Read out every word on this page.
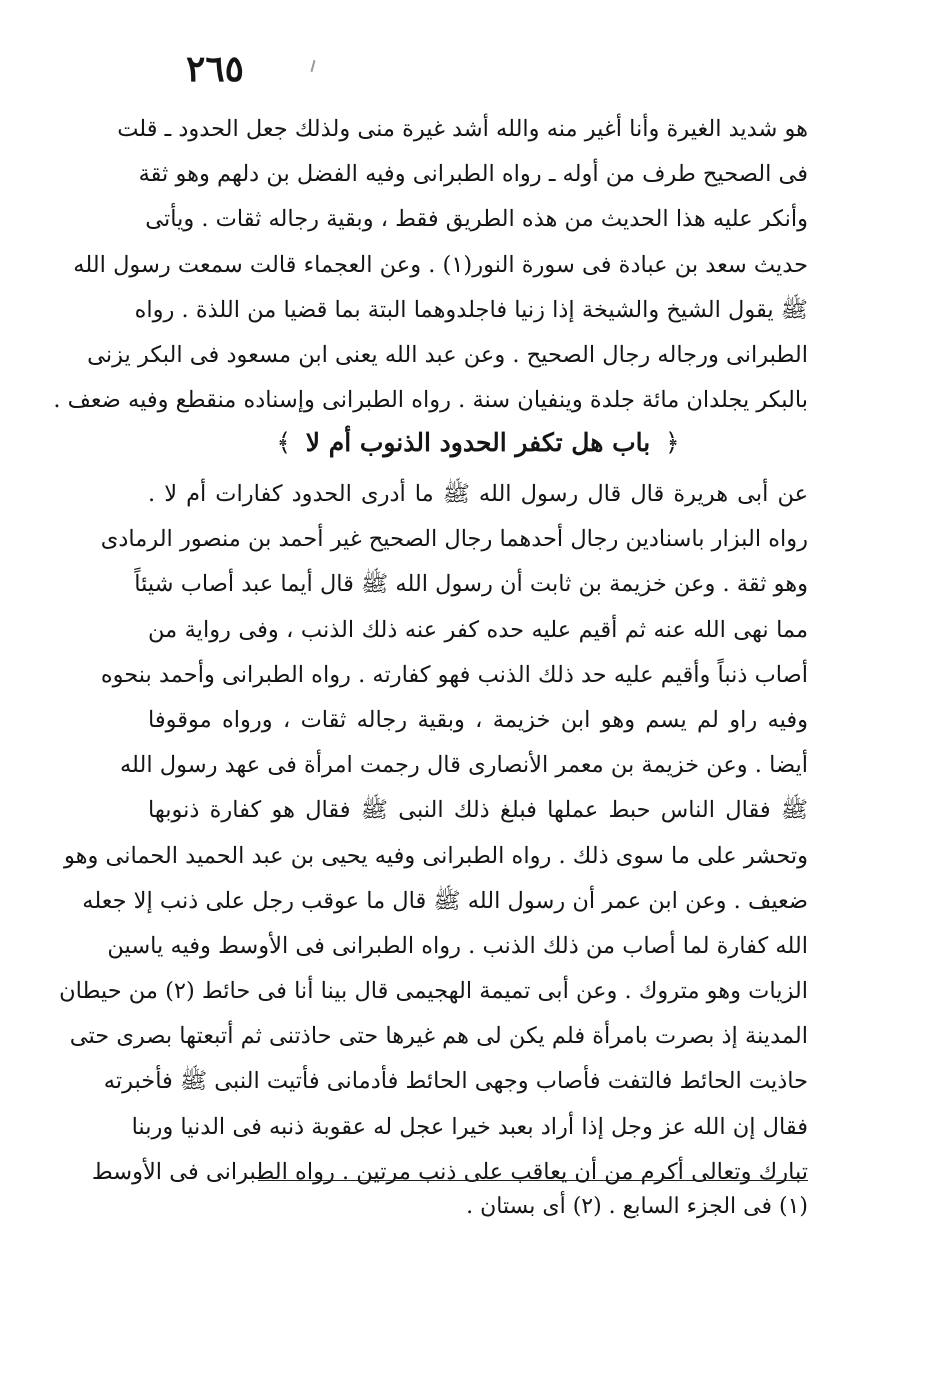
٢٦٥
هو شديد الغيرة وأنا أغير منه والله أشد غيرة منى ولذلك جعل الحدود ـ قلت
فى الصحيح طرف من أوله ـ رواه الطبرانى وفيه الفضل بن دلهم وهو ثقة
وأنكر عليه هذا الحديث من هذه الطريق فقط ، وبقية رجاله ثقات . ويأتى
حديث سعد بن عبادة فى سورة النور(١) . وعن العجماء قالت سمعت رسول الله
ﷺ يقول الشيخ والشيخة إذا زنيا فاجلدوهما البتة بما قضيا من اللذة . رواه
الطبرانى ورجاله رجال الصحيح . وعن عبد الله يعنى ابن مسعود فى البكر يزنى
بالبكر يجلدان مائة جلدة وينفيان سنة . رواه الطبرانى وإسناده منقطع وفيه ضعف .
﴿ باب هل تكفر الحدود الذنوب أم لا ﴾
عن أبى هريرة قال قال رسول الله ﷺ ما أدرى الحدود كفارات أم لا .
رواه البزار باسنادين رجال أحدهما رجال الصحيح غير أحمد بن منصور الرمادى
وهو ثقة . وعن خزيمة بن ثابت أن رسول الله ﷺ قال أيما عبد أصاب شيئاً
مما نهى الله عنه ثم أقيم عليه حده كفر عنه ذلك الذنب ، وفى رواية من
أصاب ذنباً وأقيم عليه حد ذلك الذنب فهو كفارته . رواه الطبرانى وأحمد بنحوه
وفيه راو لم يسم وهو ابن خزيمة ، وبقية رجاله ثقات ، ورواه موقوفا
أيضا . وعن خزيمة بن معمر الأنصارى قال رجمت امرأة فى عهد رسول الله
ﷺ فقال الناس حبط عملها فبلغ ذلك النبى ﷺ فقال هو كفارة ذنوبها
وتحشر على ما سوى ذلك . رواه الطبرانى وفيه يحيى بن عبد الحميد الحمانى وهو
ضعيف . وعن ابن عمر أن رسول الله ﷺ قال ما عوقب رجل على ذنب إلا جعله
الله كفارة لما أصاب من ذلك الذنب . رواه الطبرانى فى الأوسط وفيه ياسين
الزيات وهو متروك . وعن أبى تميمة الهجيمى قال بينا أنا فى حائط (٢) من حيطان
المدينة إذ بصرت بامرأة فلم يكن لى هم غيرها حتى حاذتنى ثم أتبعتها بصرى حتى
حاذيت الحائط فالتفت فأصاب وجهى الحائط فأدمانى فأتيت النبى ﷺ فأخبرته
فقال إن الله عز وجل إذا أراد بعبد خيرا عجل له عقوبة ذنبه فى الدنيا وربنا
تبارك وتعالى أكرم من أن يعاقب على ذنب مرتين . رواه الطبرانى فى الأوسط
(١) فى الجزء السابع . (٢) أى بستان .
